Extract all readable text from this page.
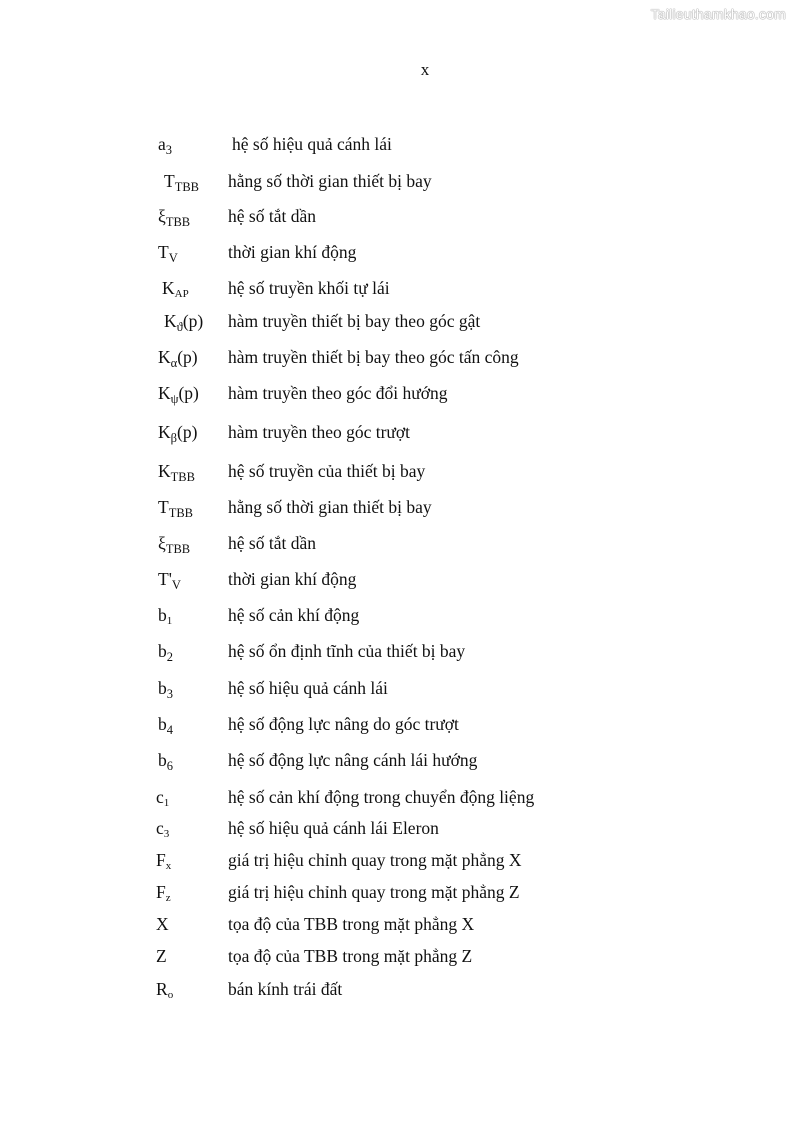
Tailieuthamkhao.com
x
$a_3$	hệ số hiệu quả cánh lái
$T_{TBB}$ hằng số thời gian thiết bị bay
$\xi_{TBB}$ hệ số tắt dần
$T_V$	thời gian khí động
$K_{AP}$ hệ số truyền khối tự lái
$K_ϑ(p)$ hàm truyền thiết bị bay theo góc gật
$K_\alpha(p)$ hàm truyền thiết bị bay theo góc tấn công
$K_\psi(p)$ hàm truyền theo góc đổi hướng
$K_\beta(p)$ hàm truyền theo góc trượt
$K_{TBB}$ hệ số truyền của thiết bị bay
$T_{TBB}$ hằng số thời gian thiết bị bay
$\xi_{TBB}$ hệ số tắt dần
$T'_V$	thời gian khí động
$b_1$	hệ số cản khí động
$b_2$	hệ số ổn định tĩnh của thiết bị bay
$b_3$	hệ số hiệu quả cánh lái
$b_4$	hệ số động lực nâng do góc trượt
$b_6$	hệ số động lực nâng cánh lái hướng
$c_1$	hệ số cản khí động trong chuyển động liệng
$c_3$	hệ số hiệu quả cánh lái Eleron
$F_x$	giá trị hiệu chỉnh quay trong mặt phẳng X
$F_z$	giá trị hiệu chỉnh quay trong mặt phẳng Z
X	tọa độ của TBB trong mặt phẳng X
Z	tọa độ của TBB trong mặt phẳng Z
$R_o$	bán kính trái đất
